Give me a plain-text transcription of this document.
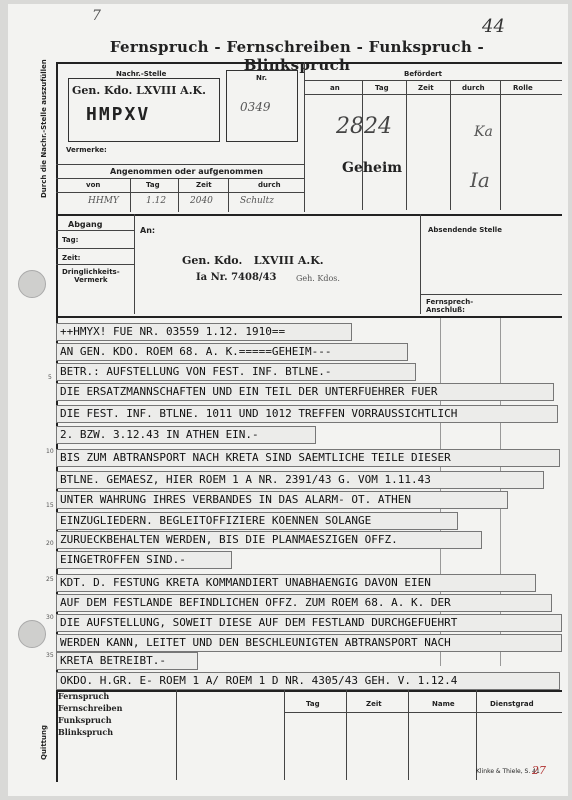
7	44
Fernspruch - Fernschreiben - Funkspruch - Blinkspruch
Durch die Nachr.-Stelle auszufüllen
Quittung
Nachr.-Stelle
Gen. Kdo. LXVIII A.K.
HMPXV
Nr.
0349
Vermerke:
Befördert
an	Tag	Zeit	durch	Rolle
2824	Ka
Geheim	Ia
Angenommen oder aufgenommen
von	Tag	Zeit	durch
HHMY	1.12	2040	Schultz
Abgang
Tag:
Zeit:
Dringlichkeits-
Vermerk
An:
Gen. Kdo.   LXVIII A.K.
Ia Nr. 7408/43 Geh. Kdos.
Absendende Stelle
Fernsprech-
Anschluß:
5
10
15
20
25
30
35
++HMYX! FUE NR. 03559 1.12. 1910==
AN GEN. KDO. ROEM 68. A. K.=====GEHEIM---
BETR.: AUFSTELLUNG VON FEST. INF. BTLNE.-
DIE ERSATZMANNSCHAFTEN UND EIN TEIL DER UNTERFUEHRER FUER
DIE FEST. INF. BTLNE. 1011 UND 1012 TREFFEN VORRAUSSICHTLICH
2. BZW. 3.12.43 IN ATHEN EIN.-
BIS ZUM ABTRANSPORT NACH KRETA SIND SAEMTLICHE TEILE DIESER
BTLNE. GEMAESZ, HIER ROEM 1 A NR. 2391/43 G. VOM 1.11.43
UNTER WAHRUNG IHRES VERBANDES IN DAS ALARM- OT. ATHEN
EINZUGLIEDERN. BEGLEITOFFIZIERE KOENNEN SOLANGE
ZURUECKBEHALTEN WERDEN, BIS DIE PLANMAESZIGEN OFFZ.
EINGETROFFEN SIND.-
KDT. D. FESTUNG KRETA KOMMANDIERT UNABHAENGIG DAVON EIEN
AUF DEM FESTLANDE BEFINDLICHEN OFFZ. ZUM ROEM 68. A. K. DER
DIE AUFSTELLUNG, SOWEIT DIESE AUF DEM FESTLAND DURCHGEFUEHRT
WERDEN KANN, LEITET UND DEN BESCHLEUNIGTEN ABTRANSPORT NACH
KRETA BETREIBT.-
OKDO. H.GR. E- ROEM 1 A/ ROEM 1 D NR. 4305/43 GEH. V. 1.12.4
Fernspruch
Fernschreiben
Funkspruch
Blinkspruch
Tag	Zeit	Name	Dienstgrad
Klinke & Thiele, S. 41
27
